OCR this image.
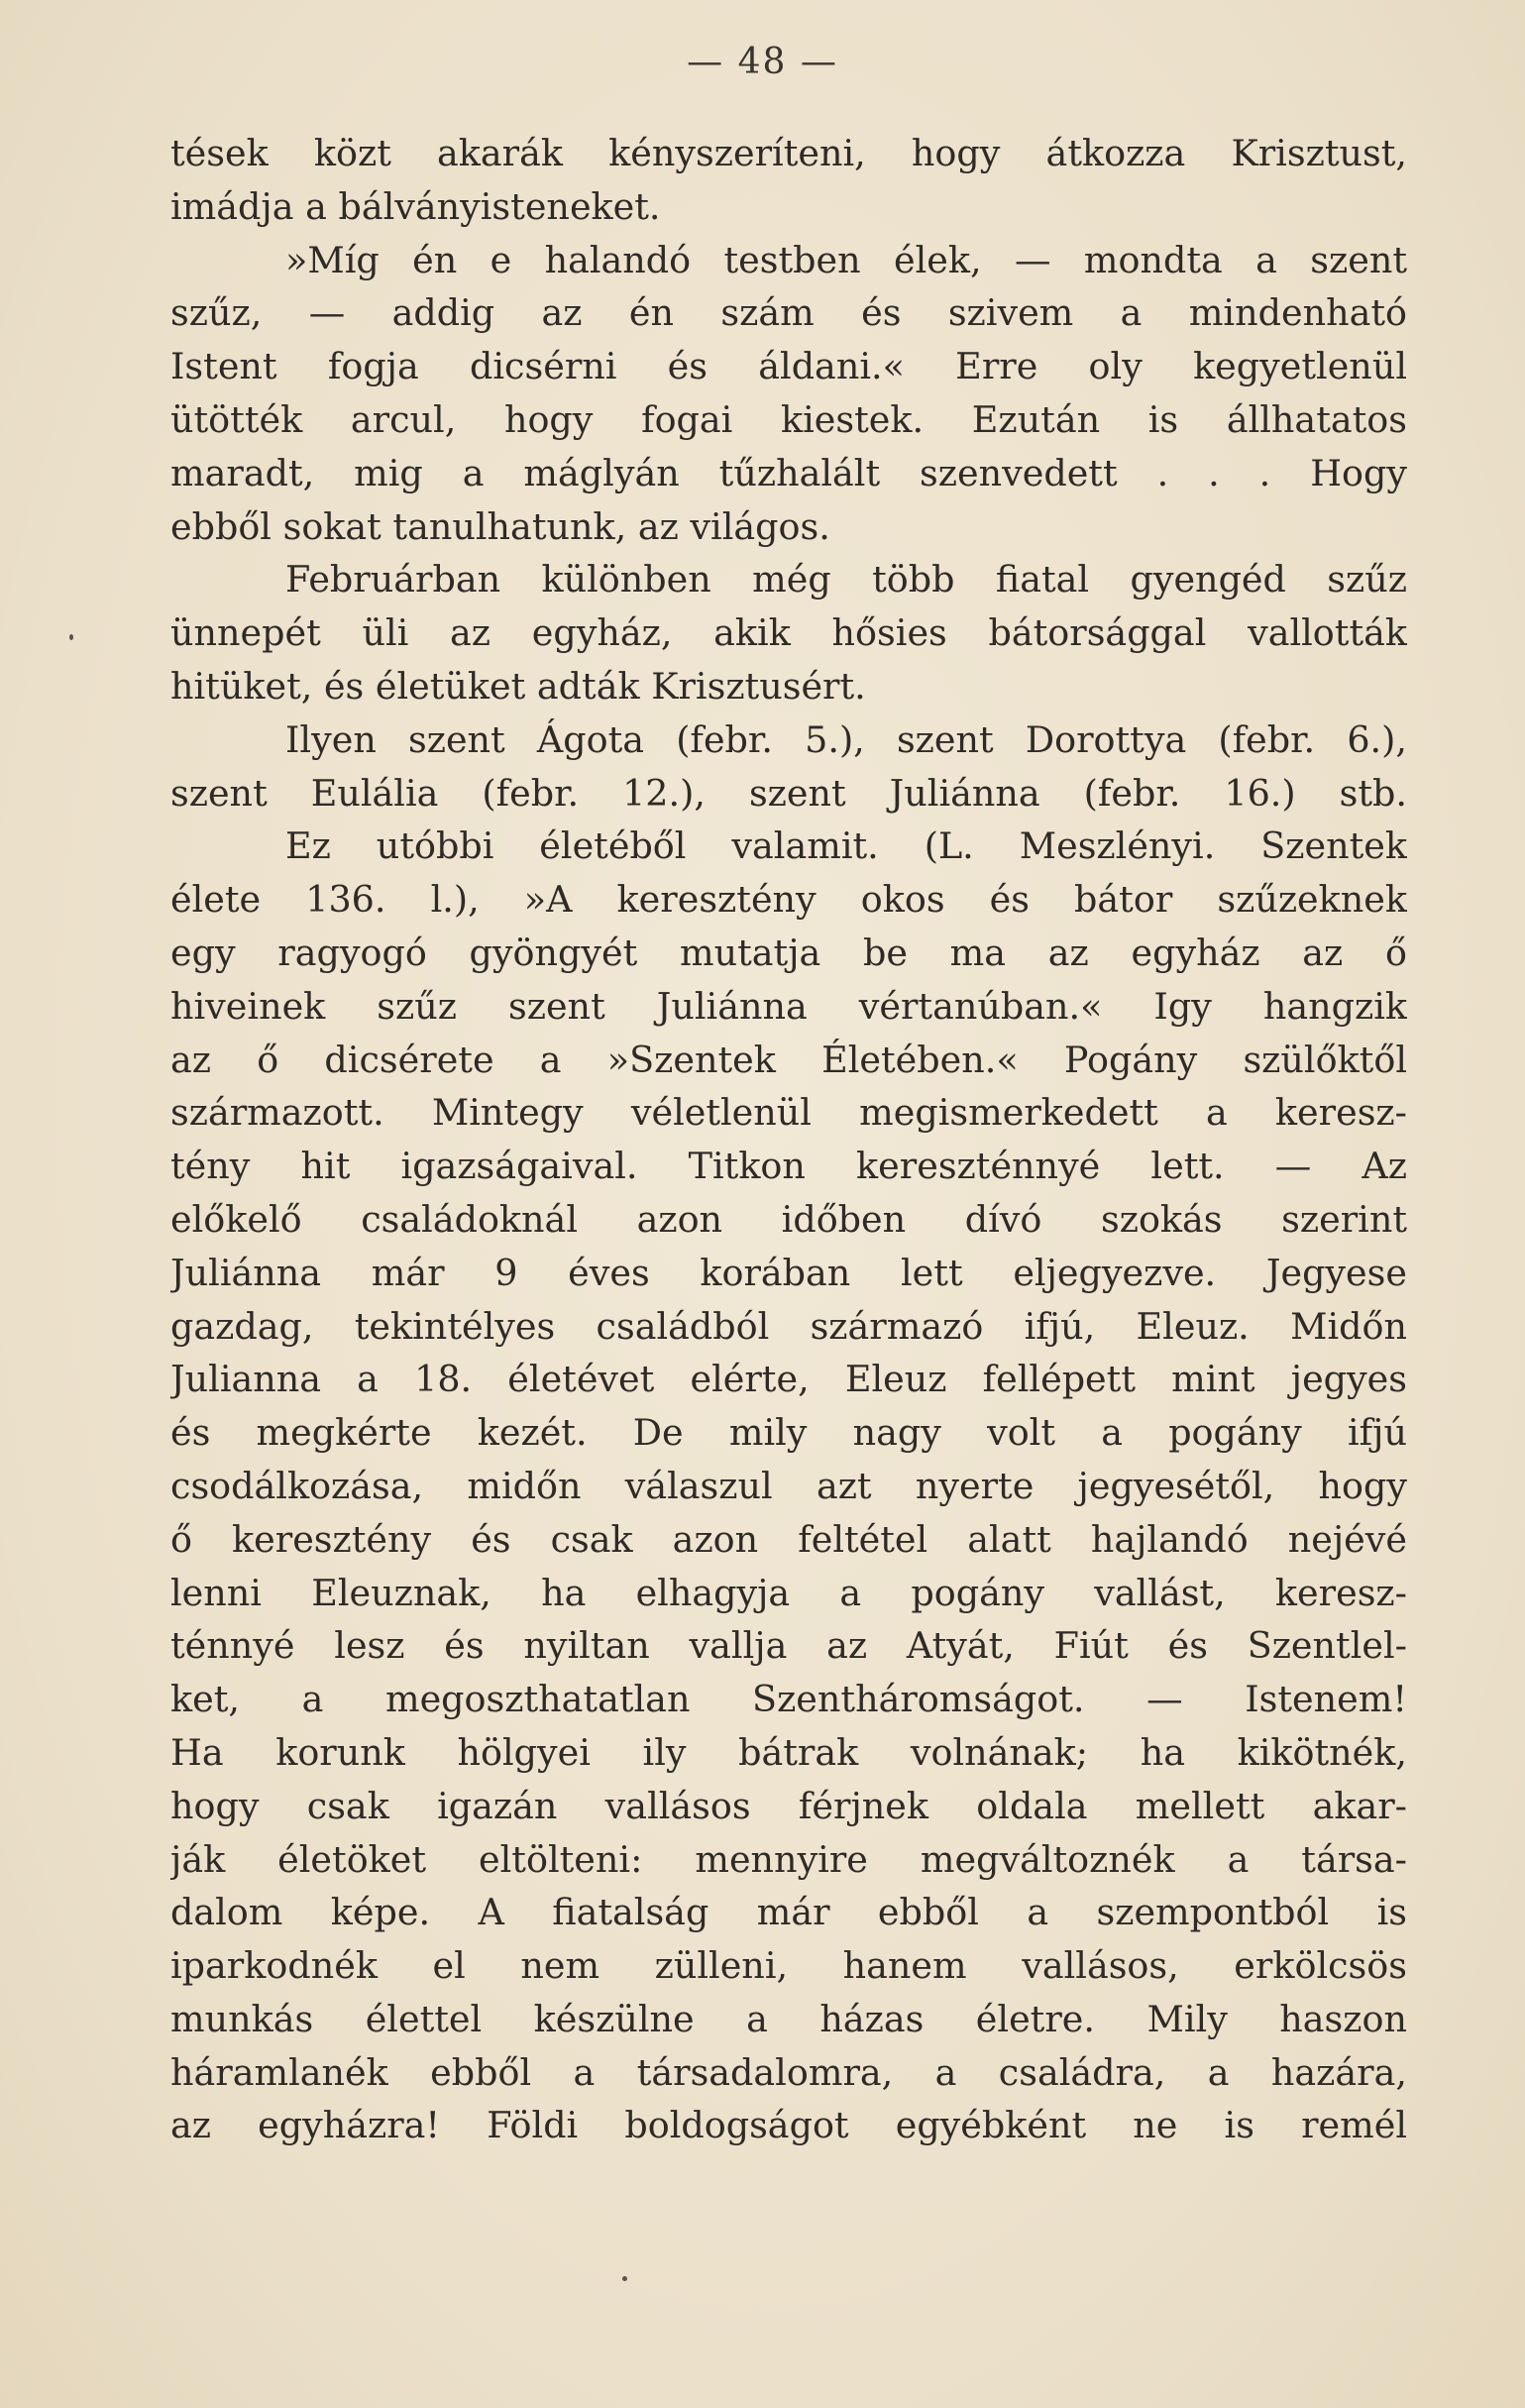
— 48 —
tések közt akarák kényszeríteni, hogy átkozza Krisztust,
imádja a bálványisteneket.
»Míg én e halandó testben élek, — mondta a szent
szűz, — addig az én szám és szivem a mindenható
Istent fogja dicsérni és áldani.« Erre oly kegyetlenül
ütötték arcul, hogy fogai kiestek. Ezután is állhatatos
maradt, mig a máglyán tűzhalált szenvedett . . . Hogy
ebből sokat tanulhatunk, az világos.
Februárban különben még több fiatal gyengéd szűz
ünnepét üli az egyház, akik hősies bátorsággal vallották
hitüket, és életüket adták Krisztusért.
Ilyen szent Ágota (febr. 5.), szent Dorottya (febr. 6.),
szent Eulália (febr. 12.), szent Juliánna (febr. 16.) stb.
Ez utóbbi életéből valamit. (L. Meszlényi. Szentek
élete 136. l.), »A keresztény okos és bátor szűzeknek
egy ragyogó gyöngyét mutatja be ma az egyház az ő
hiveinek szűz szent Juliánna vértanúban.« Igy hangzik
az ő dicsérete a »Szentek Életében.« Pogány szülőktől
származott. Mintegy véletlenül megismerkedett a keresz-
tény hit igazságaival. Titkon kereszténnyé lett. — Az
előkelő családoknál azon időben dívó szokás szerint
Juliánna már 9 éves korában lett eljegyezve. Jegyese
gazdag, tekintélyes családból származó ifjú, Eleuz. Midőn
Julianna a 18. életévet elérte, Eleuz fellépett mint jegyes
és megkérte kezét. De mily nagy volt a pogány ifjú
csodálkozása, midőn válaszul azt nyerte jegyesétől, hogy
ő keresztény és csak azon feltétel alatt hajlandó nejévé
lenni Eleuznak, ha elhagyja a pogány vallást, keresz-
ténnyé lesz és nyiltan vallja az Atyát, Fiút és Szentlel-
ket, a megoszthatatlan Szentháromságot. — Istenem!
Ha korunk hölgyei ily bátrak volnának; ha kikötnék,
hogy csak igazán vallásos férjnek oldala mellett akar-
ják életöket eltölteni: mennyire megváltoznék a társa-
dalom képe. A fiatalság már ebből a szempontból is
iparkodnék el nem zülleni, hanem vallásos, erkölcsös
munkás élettel készülne a házas életre. Mily haszon
háramlanék ebből a társadalomra, a családra, a hazára,
az egyházra! Földi boldogságot egyébként ne is remél
